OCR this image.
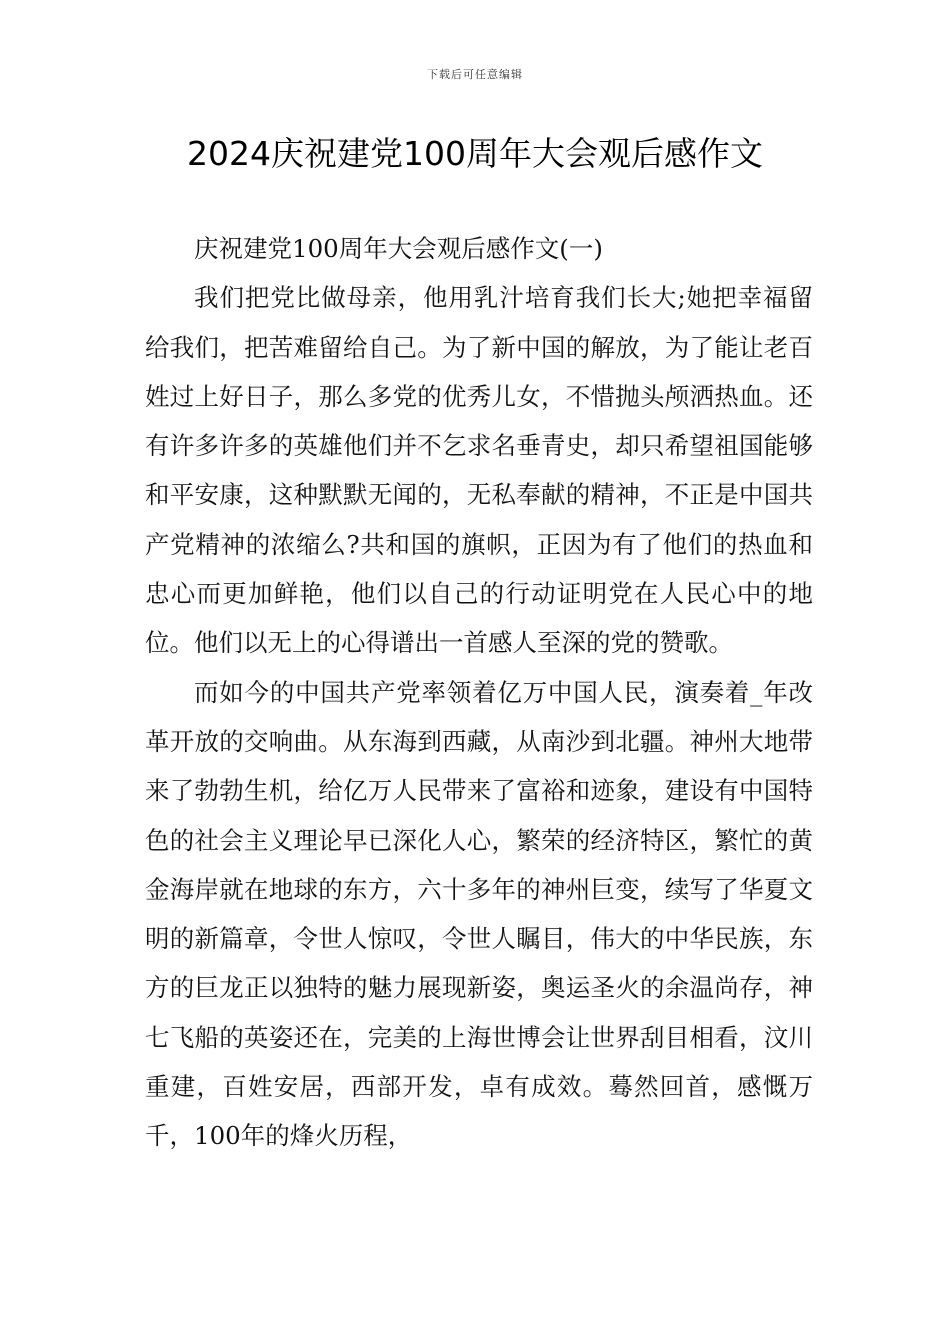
下载后可任意编辑
2024庆祝建党100周年大会观后感作文

庆祝建党100周年大会观后感作文(一)

我们把党比做母亲，他用乳汁培育我们长大;她把幸福留给我们，把苦难留给自己。为了新中国的解放，为了能让老百姓过上好日子，那么多党的优秀儿女，不惜抛头颅洒热血。还有许多许多的英雄他们并不乞求名垂青史，却只希望祖国能够和平安康，这种默默无闻的，无私奉献的精神，不正是中国共产党精神的浓缩么?共和国的旗帜，正因为有了他们的热血和忠心而更加鲜艳，他们以自己的行动证明党在人民心中的地位。他们以无上的心得谱出一首感人至深的党的赞歌。

而如今的中国共产党率领着亿万中国人民，演奏着_年改革开放的交响曲。从东海到西藏，从南沙到北疆。神州大地带来了勃勃生机，给亿万人民带来了富裕和迹象，建设有中国特色的社会主义理论早已深化人心，繁荣的经济特区，繁忙的黄金海岸就在地球的东方，六十多年的神州巨变，续写了华夏文明的新篇章，令世人惊叹，令世人瞩目，伟大的中华民族，东方的巨龙正以独特的魅力展现新姿，奥运圣火的余温尚存，神七飞船的英姿还在，完美的上海世博会让世界刮目相看，汶川重建，百姓安居，西部开发，卓有成效。蓦然回首，感慨万千，100年的烽火历程，
